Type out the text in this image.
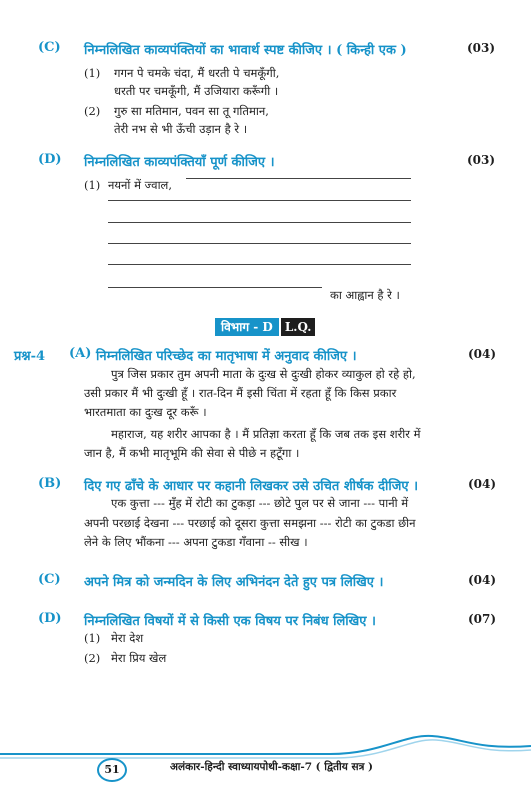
(C) निम्नलिखित काव्यपंक्तियों का भावार्थ स्पष्ट कीजिए । ( किन्ही एक )	(03)
(1) गगन पे चमके चंदा, मैं धरती पे चमकूँगी,
धरती पर चमकूँगी, मैं उजियारा करूँगी ।
(2) गुरु सा मतिमान, पवन सा तू गतिमान,
तेरी नभ से भी ऊँची उड़ान है रे ।
(D) निम्नलिखित काव्यपंक्तियाँ पूर्ण कीजिए ।	(03)
(1) नयनों में ज्वाल,
का आह्वान है रे ।
विभाग - D	L.Q.
प्रश्न-4 (A) निम्नलिखित परिच्छेद का मातृभाषा में अनुवाद कीजिए ।	(04)
पुत्र जिस प्रकार तुम अपनी माता के दुःख से दुःखी होकर व्याकुल हो रहे हो,
उसी प्रकार मैं भी दुःखी हूँ । रात-दिन मैं इसी चिंता में रहता हूँ कि किस प्रकार
भारतमाता का दुःख दूर करूँ ।
महाराज, यह शरीर आपका है । मैं प्रतिज्ञा करता हूँ कि जब तक इस शरीर में
जान है, मैं कभी मातृभूमि की सेवा से पीछे न हटूँगा ।
(B) दिए गए ढाँचे के आधार पर कहानी लिखकर उसे उचित शीर्षक दीजिए ।	(04)
एक कुत्ता --- मुँह में रोटी का टुकड़ा --- छोटे पुल पर से जाना --- पानी में
अपनी परछाई देखना --- परछाई को दूसरा कुत्ता समझना --- रोटी का टुकडा छीन
लेने के लिए भौंकना --- अपना टुकडा गँवाना -- सीख ।
(C) अपने मित्र को जन्मदिन के लिए अभिनंदन देते हुए पत्र लिखिए ।	(04)
(D) निम्नलिखित विषयों में से किसी एक विषय पर निबंध लिखिए ।	(07)
(1) मेरा देश
(2) मेरा प्रिय खेल
51	अलंकार-हिन्दी स्वाध्यायपोथी-कक्षा-7 ( द्वितीय सत्र )
